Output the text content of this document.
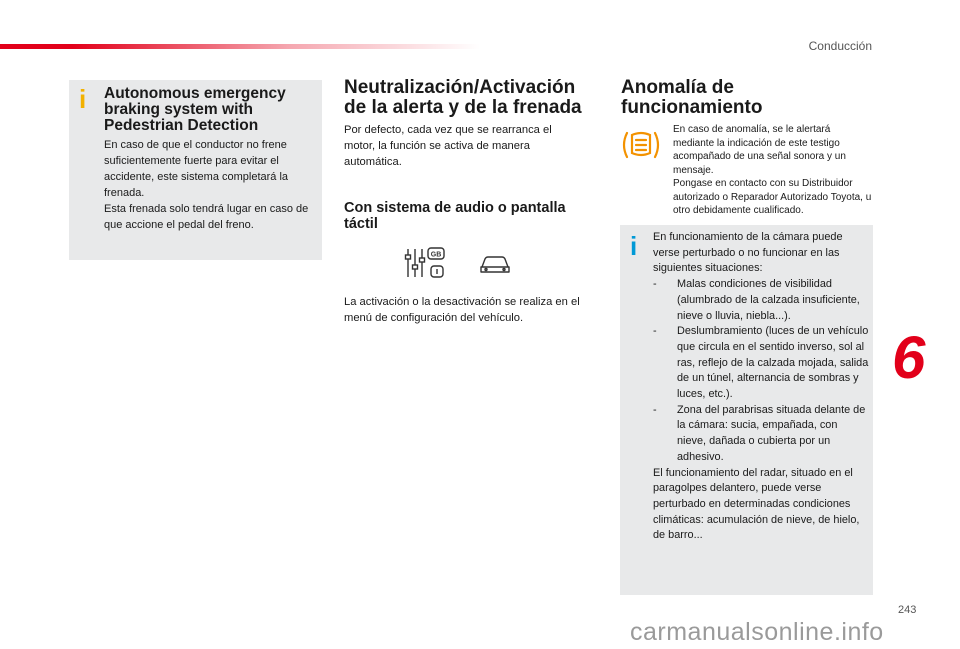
Conducción
i Autonomous emergency braking system with Pedestrian Detection

En caso de que el conductor no frene suficientemente fuerte para evitar el accidente, este sistema completará la frenada.

Esta frenada solo tendrá lugar en caso de que accione el pedal del freno.

Neutralización/Activación de la alerta y de la frenada
Por defecto, cada vez que se rearranca el motor, la función se activa de manera automática.
Con sistema de audio o pantalla táctil
GB
La activación o la desactivación se realiza en el menú de configuración del vehículo.
Anomalía de funcionamiento

En caso de anomalía, se le alertará mediante la indicación de este testigo acompañado de una señal sonora y un mensaje.

Pongase en contacto con su Distribuidor autorizado o Reparador Autorizado Toyota, u otro debidamente cualificado.

i En funcionamiento de la cámara puede verse perturbado o no funcionar en las siguientes situaciones:

- Malas condiciones de visibilidad (alumbrado de la calzada insuficiente, nieve o lluvia, niebla...).
- Deslumbramiento (luces de un vehículo que circula en el sentido inverso, sol al ras, reflejo de la calzada mojada, salida de un túnel, alternancia de sombras y luces, etc.).
- Zona del parabrisas situada delante de la cámara: sucia, empañada, con nieve, dañada o cubierta por un adhesivo.

El funcionamiento del radar, situado en el paragolpes delantero, puede verse perturbado en determinadas condiciones climáticas: acumulación de nieve, de hielo, de barro...

6
243
carmanualsonline.info
